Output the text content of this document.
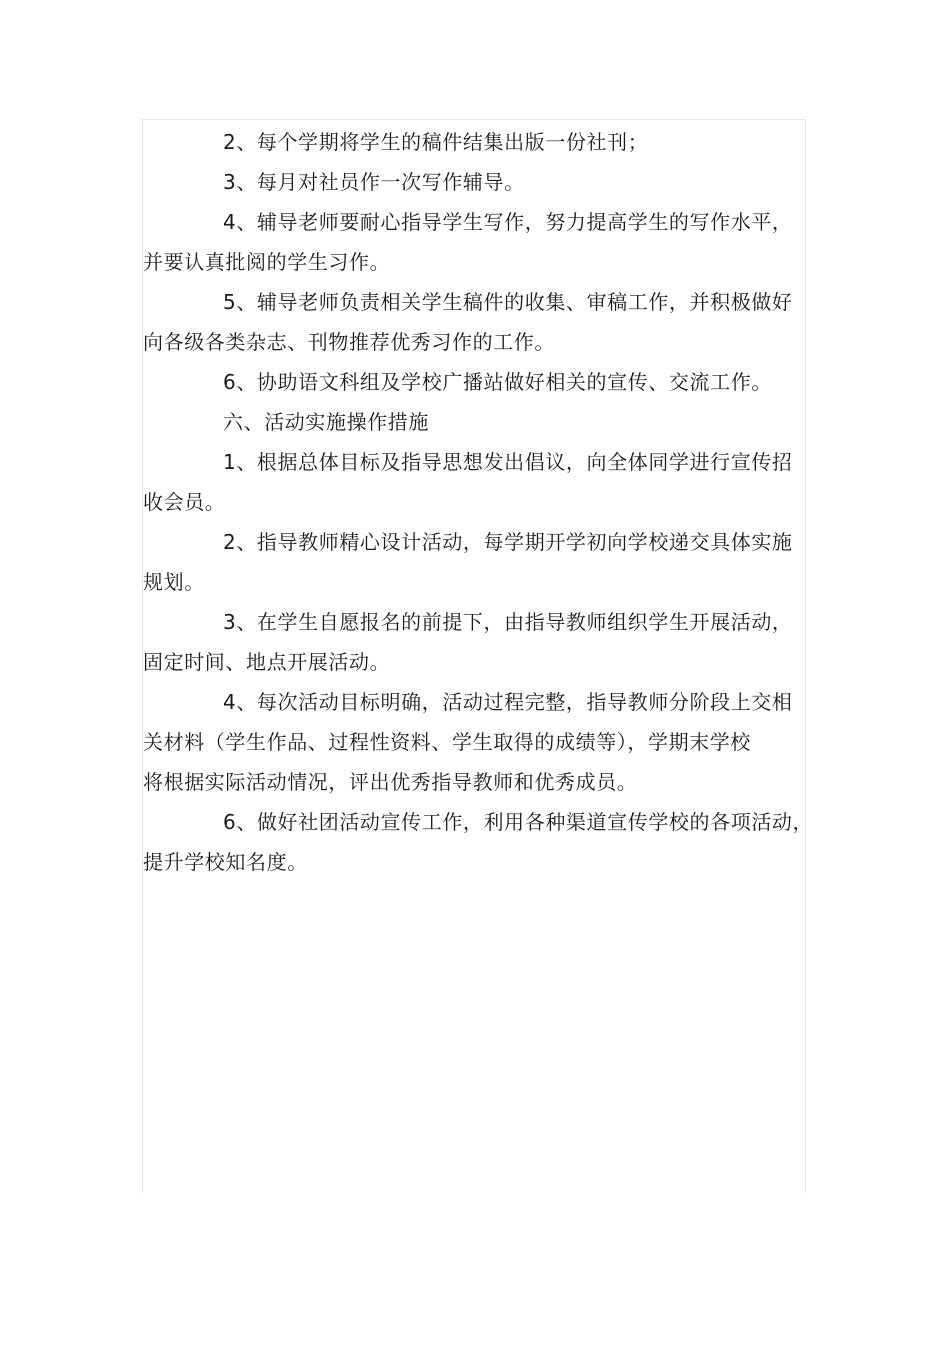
2、每个学期将学生的稿件结集出版一份社刊；
3、每月对社员作一次写作辅导。
4、辅导老师要耐心指导学生写作，努力提高学生的写作水平，
并要认真批阅的学生习作。
5、辅导老师负责相关学生稿件的收集、审稿工作，并积极做好
向各级各类杂志、刊物推荐优秀习作的工作。
6、协助语文科组及学校广播站做好相关的宣传、交流工作。
六、活动实施操作措施
1、根据总体目标及指导思想发出倡议，向全体同学进行宣传招
收会员。
2、指导教师精心设计活动，每学期开学初向学校递交具体实施
规划。
3、在学生自愿报名的前提下，由指导教师组织学生开展活动，
固定时间、地点开展活动。
4、每次活动目标明确，活动过程完整，指导教师分阶段上交相
关材料（学生作品、过程性资料、学生取得的成绩等），学期末学校
将根据实际活动情况，评出优秀指导教师和优秀成员。
6、做好社团活动宣传工作，利用各种渠道宣传学校的各项活动，
提升学校知名度。
